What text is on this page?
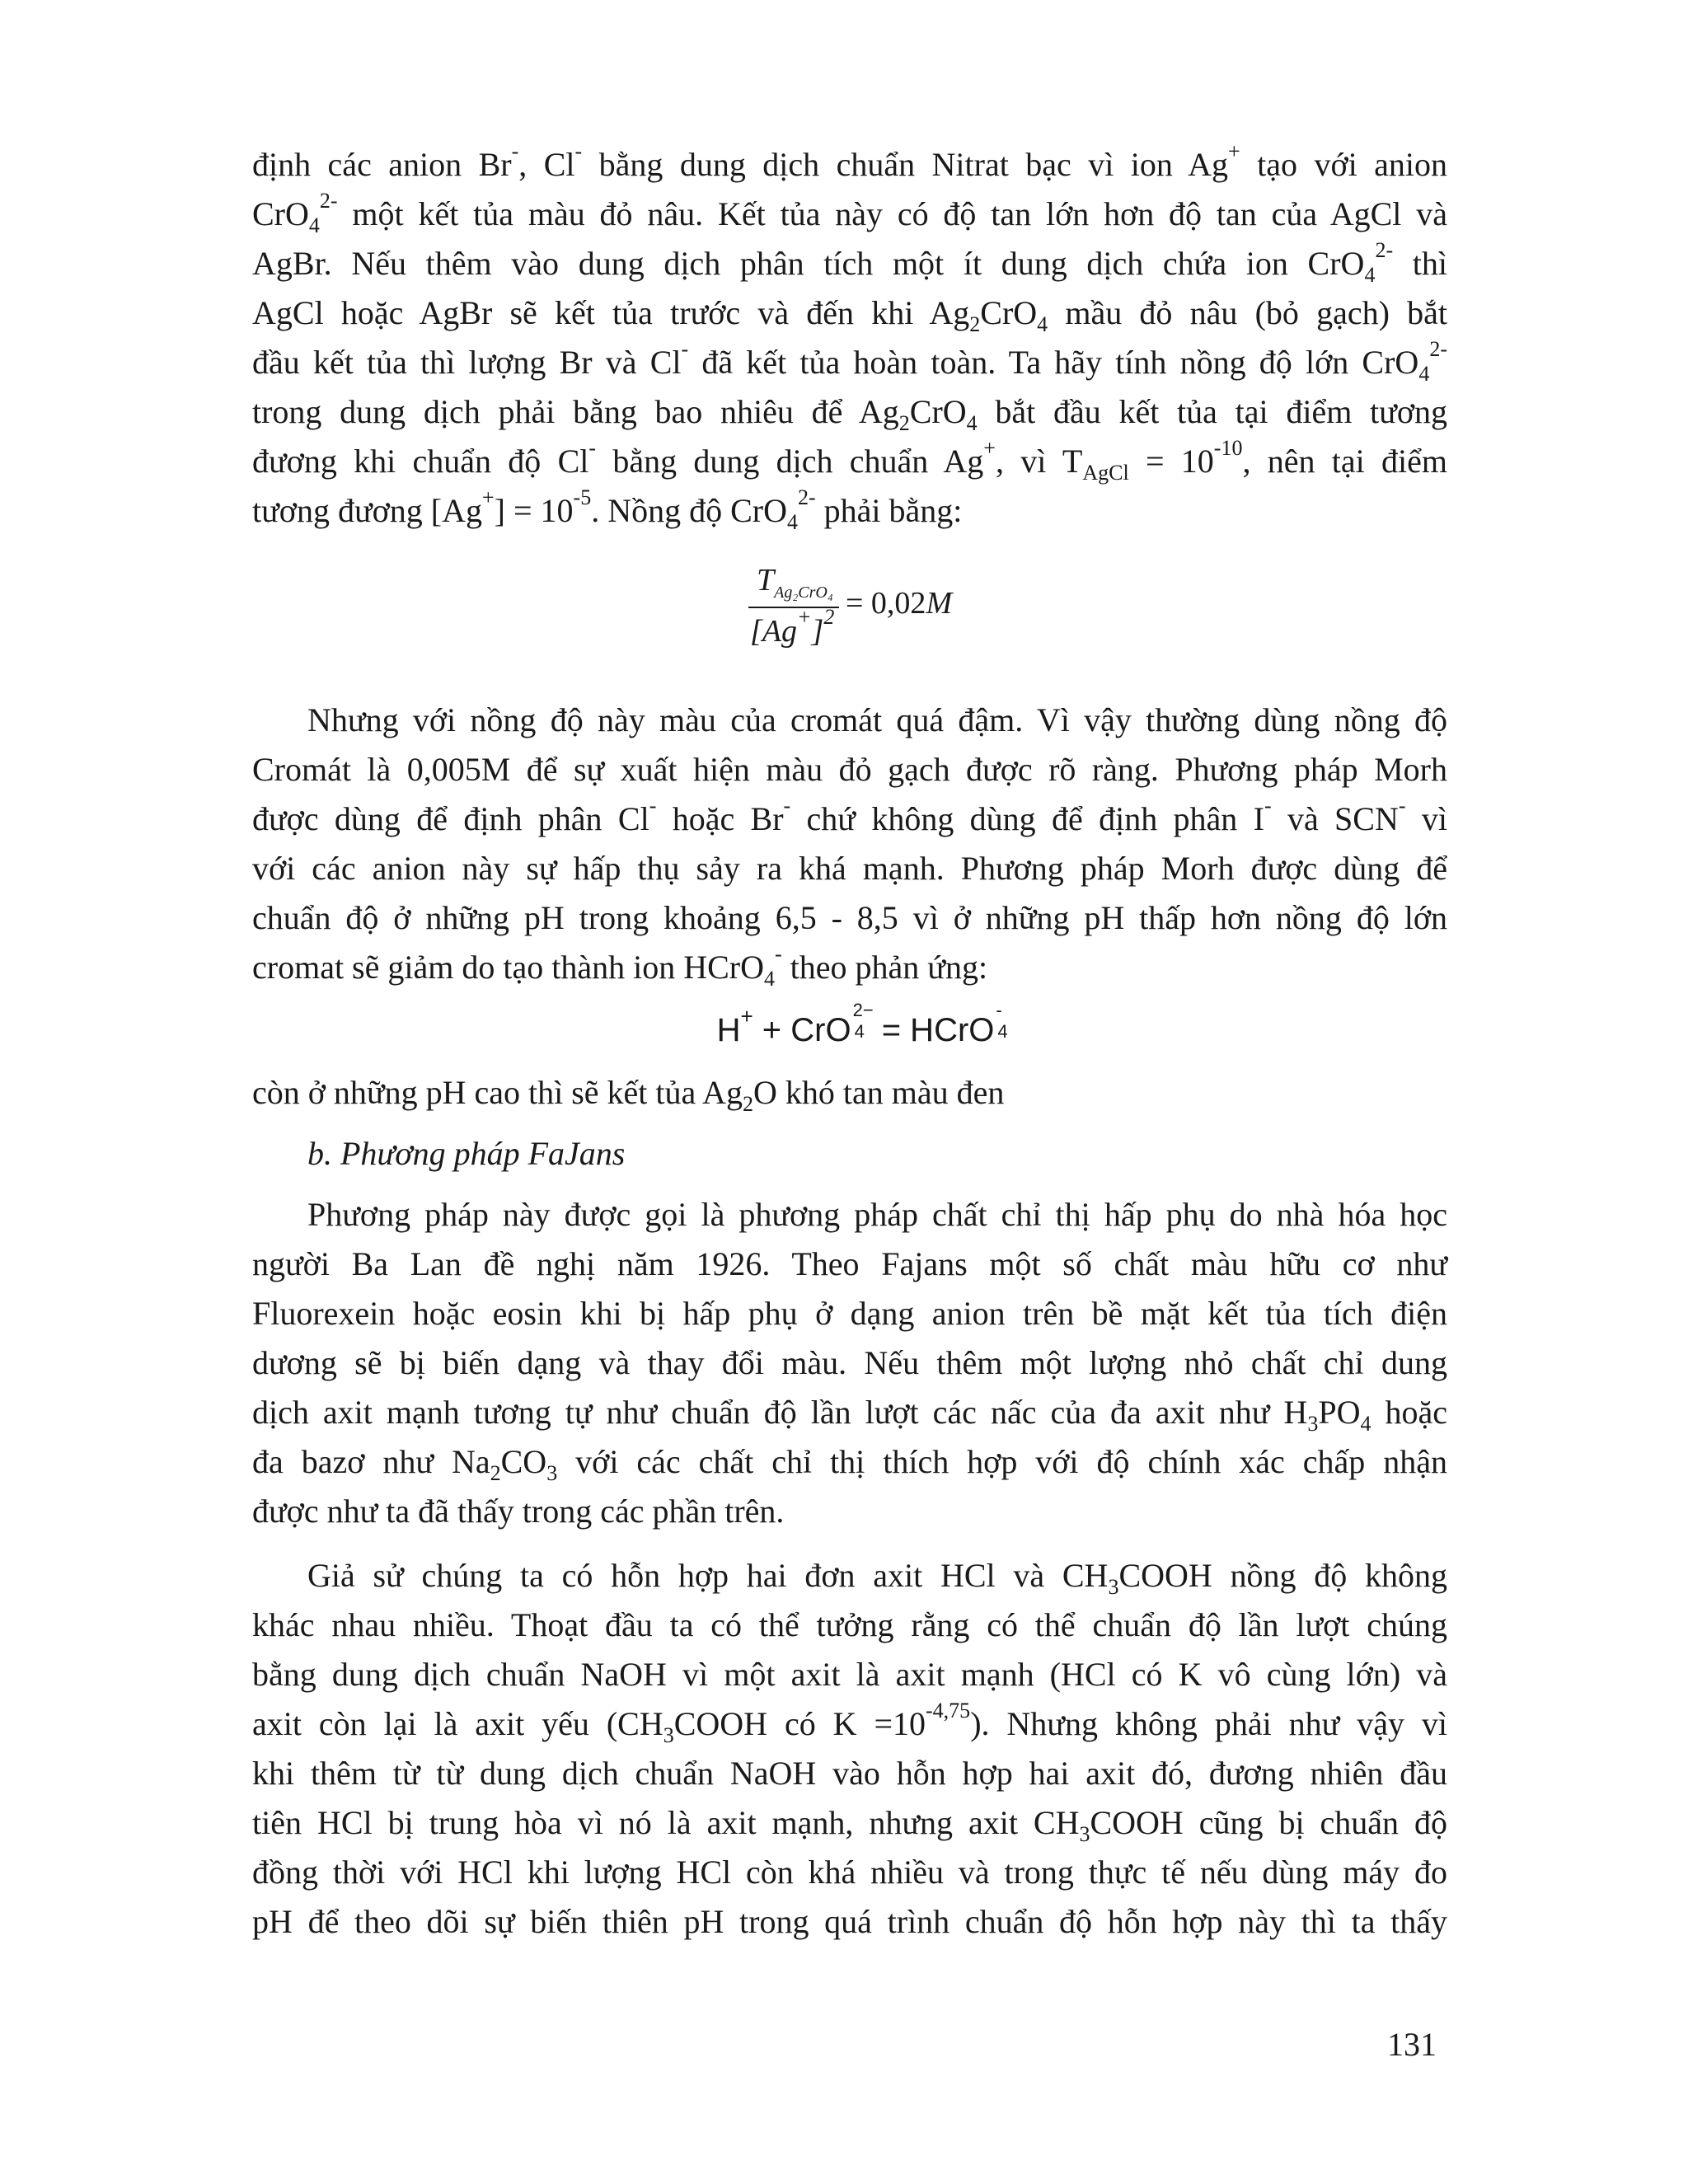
định các anion Br-, Cl- bằng dung dịch chuẩn Nitrat bạc vì ion Ag+ tạo với anion
CrO$_4^{2-}$ một kết tủa màu đỏ nâu. Kết tủa này có độ tan lớn hơn độ tan của AgCl và
AgBr. Nếu thêm vào dung dịch phân tích một ít dung dịch chứa ion CrO$_4^{2-}$ thì
AgCl hoặc AgBr sẽ kết tủa trước và đến khi $Ag_2CrO_4$ mầu đỏ nâu (bỏ gạch) bắt
đầu kết tủa thì lượng Br và Cl- đã kết tủa hoàn toàn. Ta hãy tính nồng độ lớn CrO$_4^{2-}$
trong dung dịch phải bằng bao nhiêu để $Ag_2CrO_4$ bắt đầu kết tủa tại điểm tương
đương khi chuẩn độ Cl- bằng dung dịch chuẩn Ag+, vì $T_{AgCl} = 10^{-10}$, nên tại điểm
tương đương $[Ag^+] = 10^{-5}$. Nồng độ CrO$_4^{2-}$ phải bằng:
$T_{Ag_2CrO_4}$
$[Ag^+]^2 = 0,02M$
Nhưng với nồng độ này màu của cromát quá đậm. Vì vậy thường dùng nồng độ
Cromát là 0,005M để sự xuất hiện màu đỏ gạch được rõ ràng. Phương pháp Morh
được dùng để định phân Cl- hoặc Br- chứ không dùng để định phân I- và SCN- vì
với các anion này sự hấp thụ sảy ra khá mạnh. Phương pháp Morh được dùng để
chuẩn độ ở những pH trong khoảng 6,5 - 8,5 vì ở những pH thấp hơn nồng độ lớn
cromat sẽ giảm do tạo thành ion HCrO$_4$- theo phản ứng:
H+ + CrO
2−
4 = HCrO
-
4
còn ở những pH cao thì sẽ kết tủa $Ag_2O$ khó tan màu đen
b. Phương pháp FaJans
Phương pháp này được gọi là phương pháp chất chỉ thị hấp phụ do nhà hóa học
người Ba Lan đề nghị năm 1926. Theo Fajans một số chất màu hữu cơ như
Fluorexein hoặc eosin khi bị hấp phụ ở dạng anion trên bề mặt kết tủa tích điện
dương sẽ bị biến dạng và thay đổi màu. Nếu thêm một lượng nhỏ chất chỉ dung
dịch axit mạnh tương tự như chuẩn độ lần lượt các nấc của đa axit như $H_3PO_4$ hoặc
đa bazơ như $Na_2CO_3$ với các chất chỉ thị thích hợp với độ chính xác chấp nhận
được như ta đã thấy trong các phần trên.
Giả sử chúng ta có hỗn hợp hai đơn axit HCl và $CH_3COOH$ nồng độ không
khác nhau nhiều. Thoạt đầu ta có thể tưởng rằng có thể chuẩn độ lần lượt chúng
bằng dung dịch chuẩn NaOH vì một axit là axit mạnh (HCl có K vô cùng lớn) và
axit còn lại là axit yếu ($CH_3COOH$ có $K =10^{-4,75}$). Nhưng không phải như vậy vì
khi thêm từ từ dung dịch chuẩn NaOH vào hỗn hợp hai axit đó, đương nhiên đầu
tiên HCl bị trung hòa vì nó là axit mạnh, nhưng axit $CH_3COOH$ cũng bị chuẩn độ
đồng thời với HCl khi lượng HCl còn khá nhiều và trong thực tế nếu dùng máy đo
pH để theo dõi sự biến thiên pH trong quá trình chuẩn độ hỗn hợp này thì ta thấy
131
